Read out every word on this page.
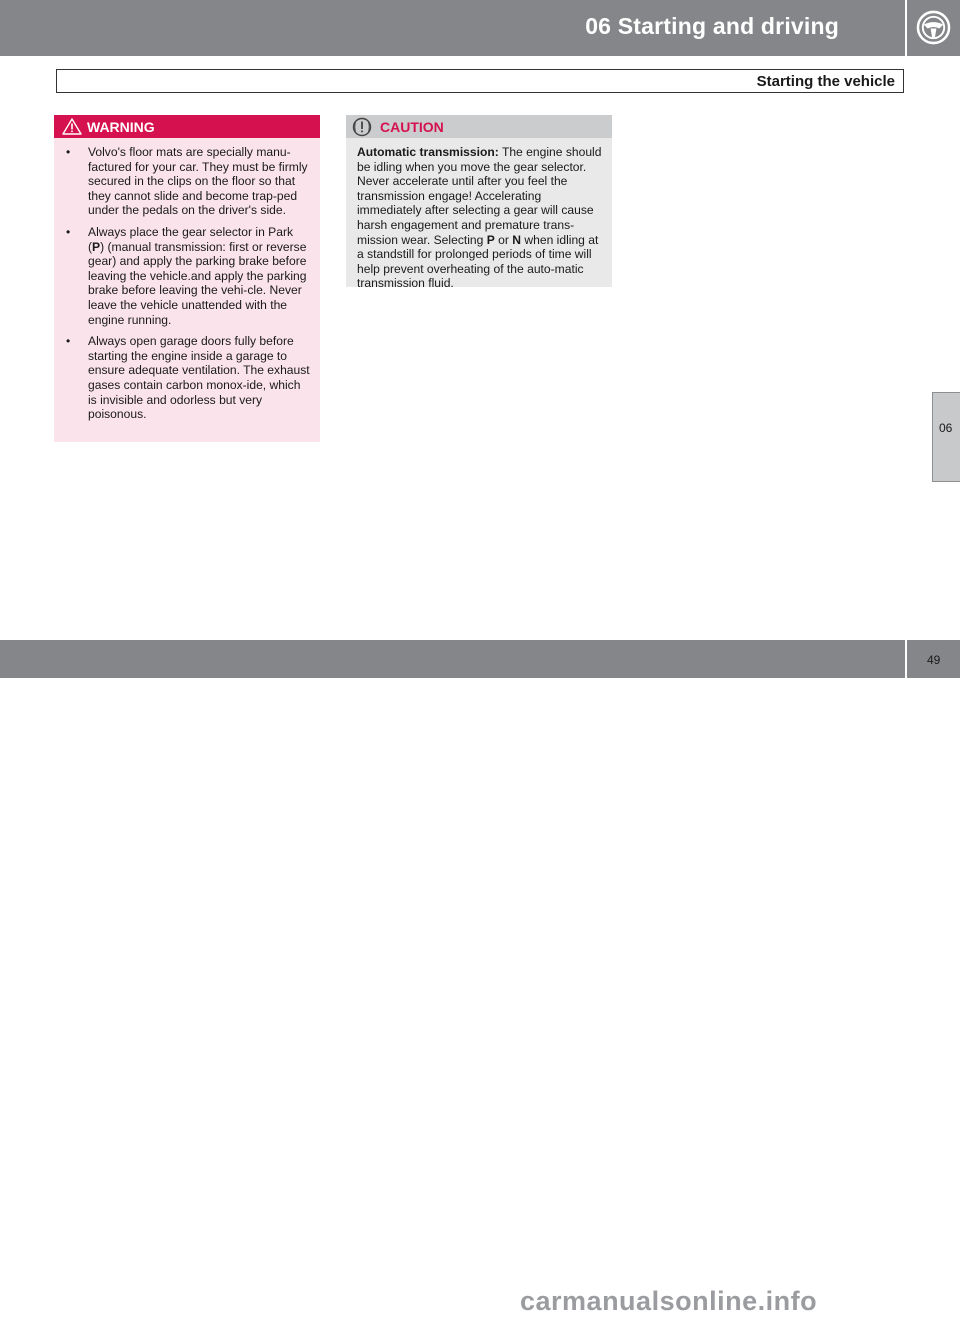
06 Starting and driving
Starting the vehicle
WARNING
• Volvo's floor mats are specially manu-factured for your car. They must be firmly secured in the clips on the floor so that they cannot slide and become trap-ped under the pedals on the driver's side.
• Always place the gear selector in Park (P) (manual transmission: first or reverse gear) and apply the parking brake before leaving the vehicle.and apply the parking brake before leaving the vehi-cle. Never leave the vehicle unattended with the engine running.
• Always open garage doors fully before starting the engine inside a garage to ensure adequate ventilation. The exhaust gases contain carbon monox-ide, which is invisible and odorless but very poisonous.
CAUTION

Automatic transmission: The engine should be idling when you move the gear selector. Never accelerate until after you feel the transmission engage! Accelerating immediately after selecting a gear will cause harsh engagement and premature trans-mission wear. Selecting P or N when idling at a standstill for prolonged periods of time will help prevent overheating of the auto-matic transmission fluid.

06
carmanualsonline.info
49
